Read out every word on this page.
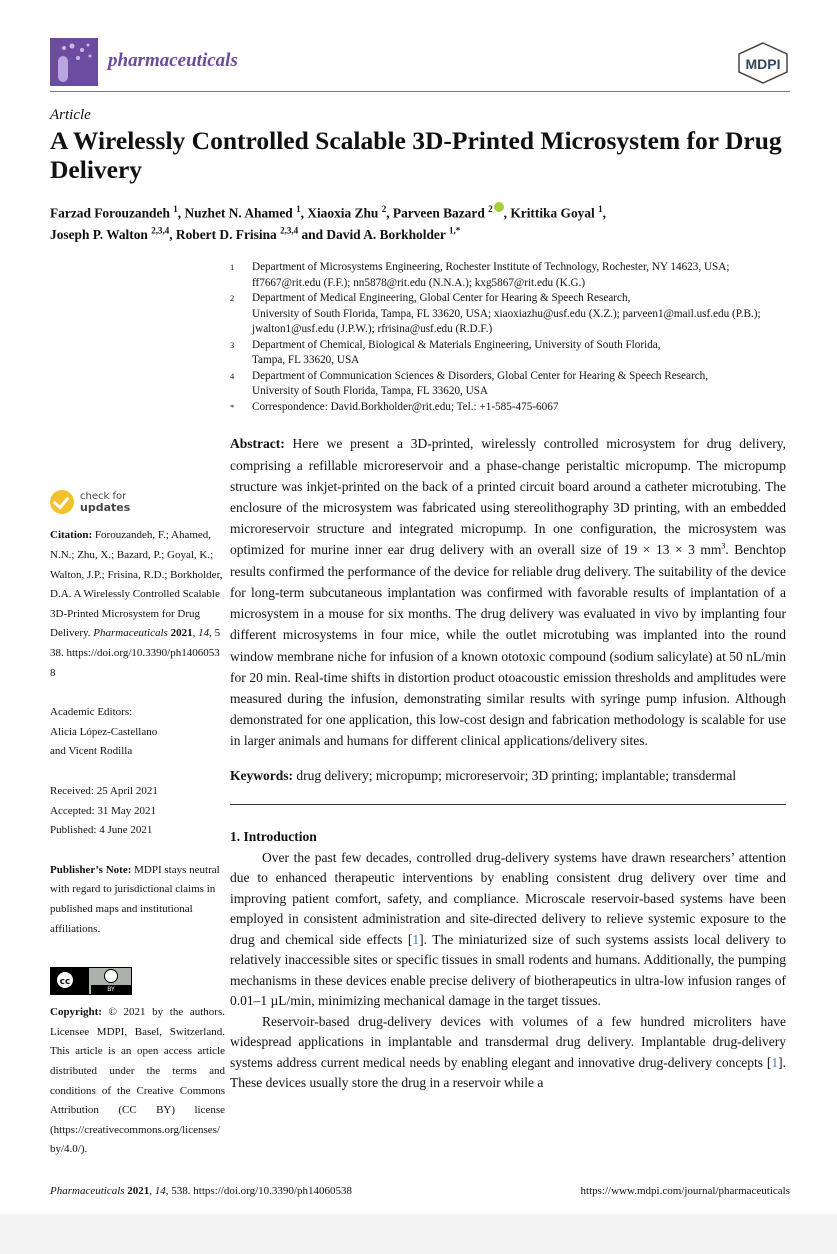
pharmaceuticals	MDPI
Article
A Wirelessly Controlled Scalable 3D-Printed Microsystem for Drug Delivery
Farzad Forouzandeh $^1$, Nuzhet N. Ahamed $^1$, Xiaoxia Zhu $^2$, Parveen Bazard $^2$ , Krittika Goyal $^1$,
Joseph P. Walton $^{2,3,4}$, Robert D. Frisina $^{2,3,4}$ and David A. Borkholder $^{1,*}$
check for
updates

Citation: Forouzandeh, F.; Ahamed, N.N.; Zhu, X.; Bazard, P.; Goyal, K.; Walton, J.P.; Frisina, R.D.; Borkholder, D.A. A Wirelessly Controlled Scalable 3D-Printed Microsystem for Drug Delivery. Pharmaceuticals 2021, 14, 538. https://doi.org/10.3390/ph14060538

Academic Editors:

Alicia López-Castellano

and Vicent Rodilla

Received: 25 April 2021

Accepted: 31 May 2021

Published: 4 June 2021

Publisher’s Note: MDPI stays neutral with regard to jurisdictional claims in published maps and institutional affiliations.

cc
BY

Copyright: © 2021 by the authors. Licensee MDPI, Basel, Switzerland. This article is an open access article distributed under the terms and conditions of the Creative Commons Attribution (CC BY) license (https://creativecommons.org/licenses/by/4.0/).

1	Department of Microsystems Engineering, Rochester Institute of Technology, Rochester, NY 14623, USA;
ff7667@rit.edu (F.F.); nn5878@rit.edu (N.N.A.); kxg5867@rit.edu (K.G.)
2	Department of Medical Engineering, Global Center for Hearing & Speech Research,
University of South Florida, Tampa, FL 33620, USA; xiaoxiazhu@usf.edu (X.Z.); parveen1@mail.usf.edu (P.B.);
jwalton1@usf.edu (J.P.W.); rfrisina@usf.edu (R.D.F.)
3	Department of Chemical, Biological & Materials Engineering, University of South Florida,
Tampa, FL 33620, USA
4	Department of Communication Sciences & Disorders, Global Center for Hearing & Speech Research,
University of South Florida, Tampa, FL 33620, USA
*	Correspondence: David.Borkholder@rit.edu; Tel.: +1-585-475-6067
Abstract: Here we present a 3D-printed, wirelessly controlled microsystem for drug delivery, comprising a refillable microreservoir and a phase-change peristaltic micropump. The micropump structure was inkjet-printed on the back of a printed circuit board around a catheter microtubing. The enclosure of the microsystem was fabricated using stereolithography 3D printing, with an embedded microreservoir structure and integrated micropump. In one configuration, the microsystem was optimized for murine inner ear drug delivery with an overall size of 19 × 13 × 3 $mm^3$. Benchtop results confirmed the performance of the device for reliable drug delivery. The suitability of the device for long-term subcutaneous implantation was confirmed with favorable results of implantation of a microsystem in a mouse for six months. The drug delivery was evaluated in vivo by implanting four different microsystems in four mice, while the outlet microtubing was implanted into the round window membrane niche for infusion of a known ototoxic compound (sodium salicylate) at 50 nL/min for 20 min. Real-time shifts in distortion product otoacoustic emission thresholds and amplitudes were measured during the infusion, demonstrating similar results with syringe pump infusion. Although demonstrated for one application, this low-cost design and fabrication methodology is scalable for use in larger animals and humans for different clinical applications/delivery sites.
Keywords: drug delivery; micropump; microreservoir; 3D printing; implantable; transdermal
1. Introduction

Over the past few decades, controlled drug-delivery systems have drawn researchers’ attention due to enhanced therapeutic interventions by enabling consistent drug delivery over time and improving patient comfort, safety, and compliance. Microscale reservoir-based systems have been employed in consistent administration and site-directed delivery to relieve systemic exposure to the drug and chemical side effects [1]. The miniaturized size of such systems assists local delivery to relatively inaccessible sites or specific tissues in small rodents and humans. Additionally, the pumping mechanisms in these devices enable precise delivery of biotherapeutics in ultra-low infusion ranges of 0.01–1 µL/min, minimizing mechanical damage in the target tissues.

Reservoir-based drug-delivery devices with volumes of a few hundred microliters have widespread applications in implantable and transdermal drug delivery. Implantable drug-delivery systems address current medical needs by enabling elegant and innovative drug-delivery concepts [1]. These devices usually store the drug in a reservoir while a

Pharmaceuticals 2021, 14, 538. https://doi.org/10.3390/ph14060538	https://www.mdpi.com/journal/pharmaceuticals
